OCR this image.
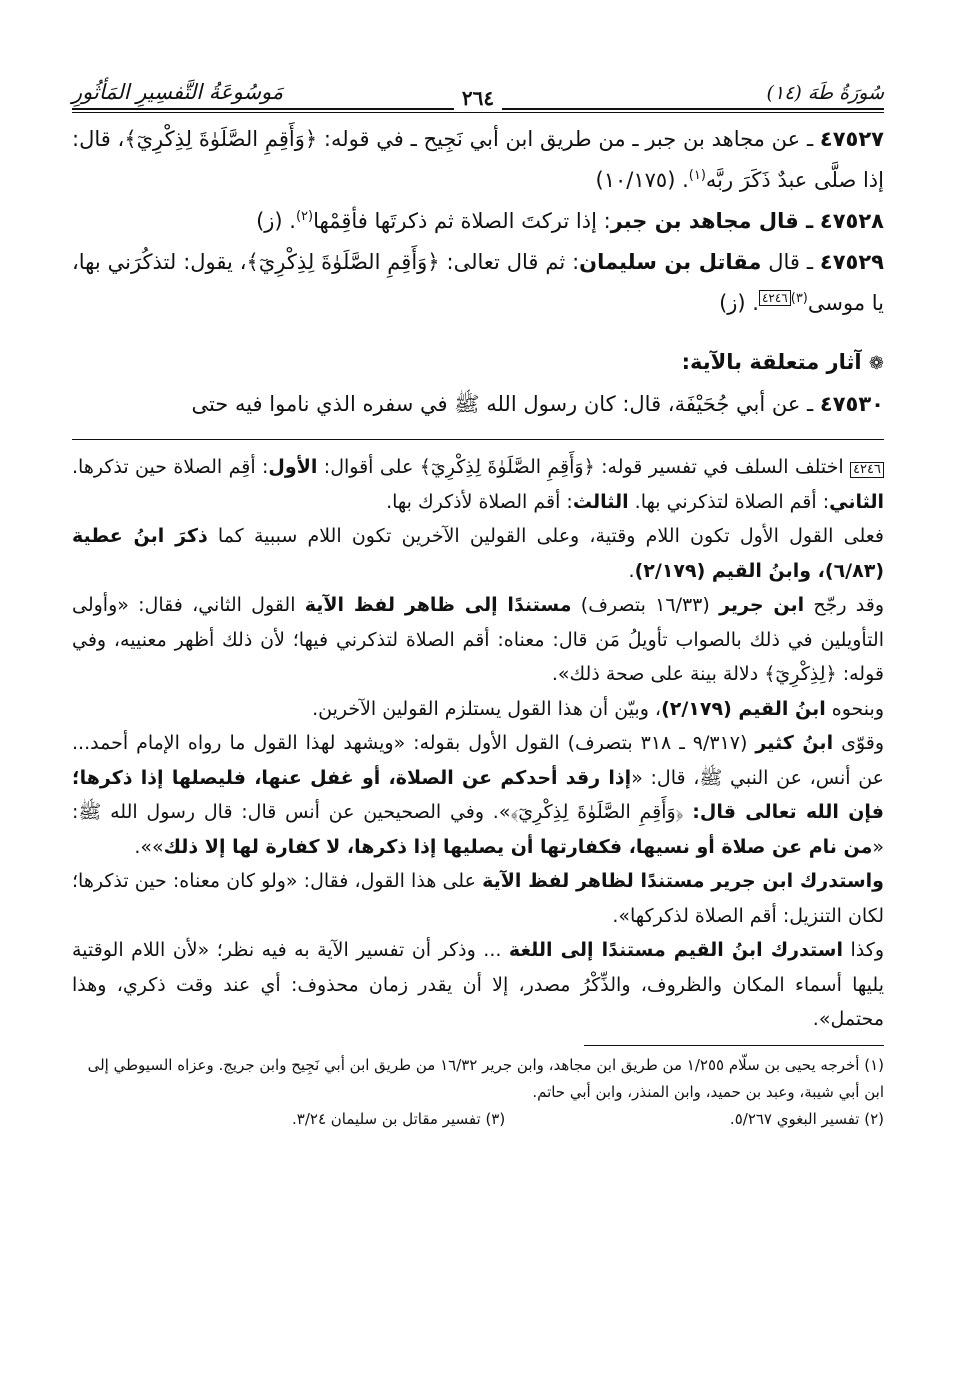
سُورَةُ طَهَ (١٤)
مَوسُوعَةُ التَّفسِيرِ المَأثُورِ	٢٦٤

٤٧٥٢٧ ـ عن مجاهد بن جبر ـ من طريق ابن أبي نَجِيح ـ في قوله: ﴿وَأَقِمِ الصَّلَوٰةَ لِذِكْرِيٓ﴾، قال: إذا صلَّى عبدٌ ذَكَرَ ربَّه$^{(١)}$. (١٠/١٧٥)

٤٧٥٢٨ ـ قال مجاهد بن جبر: إذا تركتَ الصلاة ثم ذكرتَها فأقِمْها$^{(٢)}$. (ز)

٤٧٥٢٩ ـ قال مقاتل بن سليمان: ثم قال تعالى: ﴿وَأَقِمِ الصَّلَوٰةَ لِذِكْرِيٓ﴾، يقول: لتذكُرَني بها، يا موسى$^{(٣)}$٤٢٤٦. (ز)

❁ آثار متعلقة بالآية:

٤٧٥٣٠ ـ عن أبي جُحَيْفَة، قال: كان رسول الله ﷺ في سفره الذي ناموا فيه حتى

٤٢٤٦ اختلف السلف في تفسير قوله: ﴿وَأَقِمِ الصَّلَوٰةَ لِذِكْرِيٓ﴾ على أقوال: الأول: أقِم الصلاة حين تذكرها. الثاني: أقم الصلاة لتذكرني بها. الثالث: أقم الصلاة لأذكرك بها.

فعلى القول الأول تكون اللام وقتية، وعلى القولين الآخرين تكون اللام سببية كما ذكرَ ابنُ عطية (٦/٨٣)، وابنُ القيم (٢/١٧٩).

وقد رجّح ابن جرير (١٦/٣٣ بتصرف) مستندًا إلى ظاهر لفظ الآية القول الثاني، فقال: «وأولى التأويلين في ذلك بالصواب تأويلُ مَن قال: معناه: أقم الصلاة لتذكرني فيها؛ لأن ذلك أظهر معنييه، وفي قوله: ﴿لِذِكْرِيٓ﴾ دلالة بينة على صحة ذلك».

وبنحوه ابنُ القيم (٢/١٧٩)، وبيّن أن هذا القول يستلزم القولين الآخرين.

وقوّى ابنُ كثير (٩/٣١٧ ـ ٣١٨ بتصرف) القول الأول بقوله: «ويشهد لهذا القول ما رواه الإمام أحمد... عن أنس، عن النبي ﷺ، قال: «إذا رقد أحدكم عن الصلاة، أو غفل عنها، فليصلها إذا ذكرها؛ فإن الله تعالى قال: ﴿وَأَقِمِ الصَّلَوٰةَ لِذِكْرِيٓ﴾». وفي الصحيحين عن أنس قال: قال رسول الله ﷺ: «من نام عن صلاة أو نسيها، فكفارتها أن يصليها إذا ذكرها، لا كفارة لها إلا ذلك»».

واستدرك ابن جرير مستندًا لظاهر لفظ الآية على هذا القول، فقال: «ولو كان معناه: حين تذكرها؛ لكان التنزيل: أقم الصلاة لذكركها».

وكذا استدرك ابنُ القيم مستندًا إلى اللغة ... وذكر أن تفسير الآية به فيه نظر؛ «لأن اللام الوقتية يليها أسماء المكان والظروف، والذِّكْرُ مصدر، إلا أن يقدر زمان محذوف: أي عند وقت ذكري، وهذا محتمل».

(١) أخرجه يحيى بن سلّام ١/٢٥٥ من طريق ابن مجاهد، وابن جرير ١٦/٣٢ من طريق ابن أبي نَجِيح وابن جريج. وعزاه السيوطي إلى ابن أبي شيبة، وعبد بن حميد، وابن المنذر، وابن أبي حاتم.

(٢) تفسير البغوي ٥/٢٦٧.
(٣) تفسير مقاتل بن سليمان ٣/٢٤.
